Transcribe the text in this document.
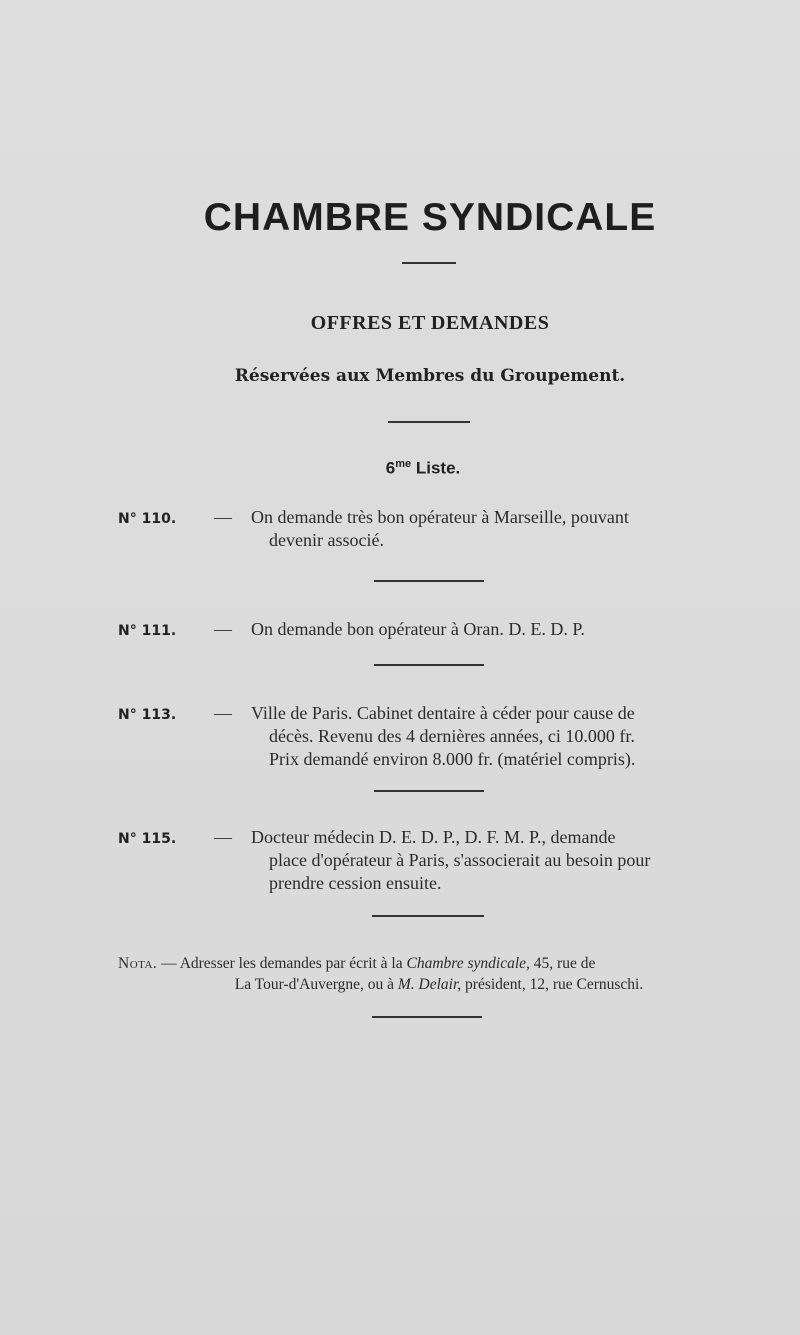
CHAMBRE SYNDICALE
OFFRES ET DEMANDES
Réservées aux Membres du Groupement.
$6^{me}$ Liste.
N° 110. — On demande très bon opérateur à Marseille, pouvant
devenir associé.
N° 111. — On demande bon opérateur à Oran. D. E. D. P.
N° 113. — Ville de Paris. Cabinet dentaire à céder pour cause de
décès. Revenu des 4 dernières années, ci 10.000 fr.
Prix demandé environ 8.000 fr. (matériel compris).
N° 115. — Docteur médecin D. E. D. P., D. F. M. P., demande
place d'opérateur à Paris, s'associerait au besoin pour
prendre cession ensuite.
Nota. — Adresser les demandes par écrit à la Chambre syndicale, 45, rue de
La Tour-d'Auvergne, ou à M. Delair, président, 12, rue Cernuschi.
